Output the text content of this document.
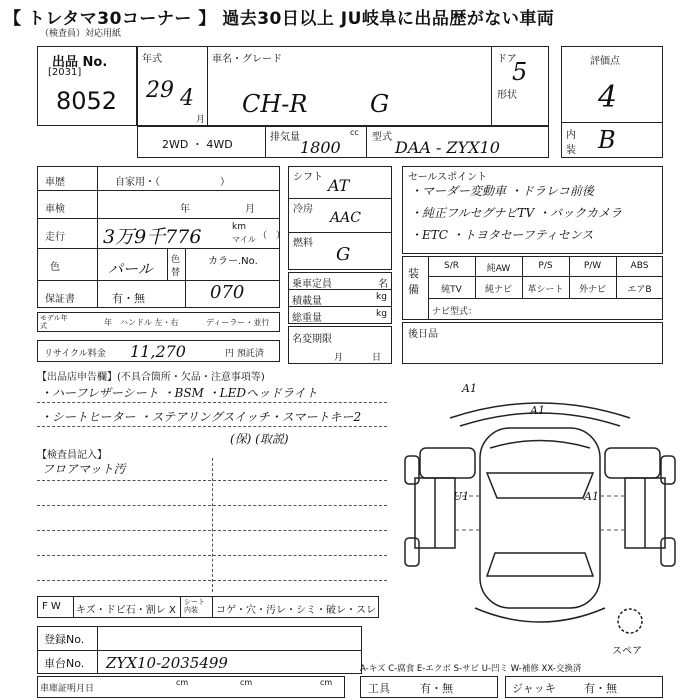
【 トレタマ30コーナー 】 過去30日以上 JU岐阜に出品歴がない車両
（検査員）対応用紙
出品 No.
[2031]
8052
年式
29 4
月
車名・グレード
CH-R	G
ドア
5
形状
評価点
4
内装 B
2WD ・ 4WD
排気量	cc
1800
型式
DAA - ZYX10
車歴	自家用・（　　　　　　）
車検	年	月
走行 3万9千776	km
マイル （　）
色	パール 色替
カラー.No.
070
保証書	有・無
モデル年式	年 ハンドル 左・右	ディーラー・並行
リサイクル料金 11,270	円 預託済
シフト AT
冷房
AAC
燃料
G
乗車定員	名
積載量	kg
総重量	kg
名変期限
月	日
セールスポイント
・マーダー変動車 ・ドラレコ前後
・純正フルセグナビTV ・バックカメラ
・ETC ・トヨタセーフティセンス
装備
S/R	純AW	P/S	P/W	ABS
純TV	純ナビ	革シート	外ナビ	エアB
ナビ型式：
後日品
【出品店申告欄】(不具合箇所・欠品・注意事項等)
・ハーフレザーシート ・BSM ・LEDヘッドライト
・シートヒーター ・ステアリングスイッチ・スマートキー2
(保) (取説)
【検査員記入】
フロアマット汚
A1
A1
U1	A1
スペア
F W キズ・ドビ石・割レ X
シート内装	コゲ・穴・汚レ・シミ・破レ・スレ
登録No.
車台No. ZYX10-2035499	A-キズ C-腐食 E-エクボ S-サビ U-凹ミ W-補修 XX-交換済
車庫証明月日
cm	cm	cm	工具	有・無	ジャッキ	有・無
